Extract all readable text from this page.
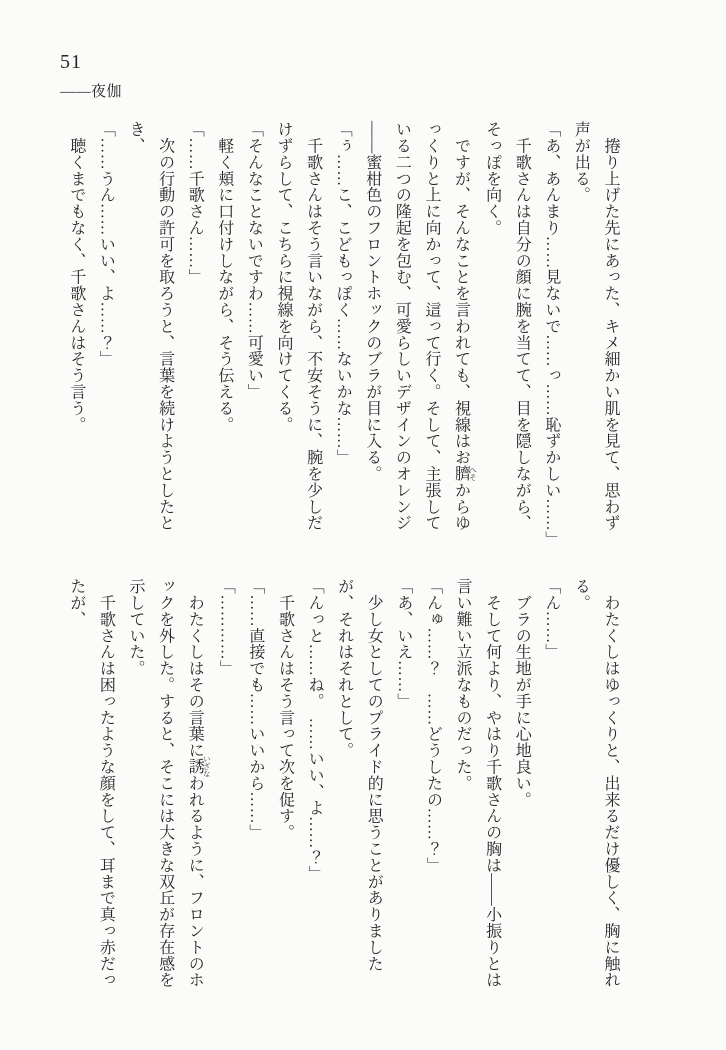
51
――夜伽
　捲り上げた先にあった、キメ細かい肌を見て、思わず
声が出る。
「あ、あんまり……見ないで……っ……恥ずかしい……」
　千歌さんは自分の顔に腕を当てて、目を隠しながら、
そっぽを向く。
　ですが、そんなことを言われても、視線はお臍 へそからゆ
っくりと上に向かって、這って行く。そして、主張して
いる二つの隆起を包む、可愛らしいデザインのオレンジ
――蜜柑色のフロントホックのブラが目に入る。
「ぅ……こ、こどもっぽく……ないかな……」
　千歌さんはそう言いながら、不安そうに、腕を少しだ
けずらして、こちらに視線を向けてくる。
「そんなことないですわ……可愛い」
　軽く頬に口付けしながら、そう伝える。
「……千歌さん……」
　次の行動の許可を取ろうと、言葉を続けようとしたと
き、
「……うん……いい、よ……？」
　聴くまでもなく、千歌さんはそう言う。
　わたくしはゆっくりと、出来るだけ優しく、胸に触れ
る。
「ん……」
　ブラの生地が手に心地良い。
　そして何より、やはり千歌さんの胸は――小振りとは
言い難い立派なものだった。
「んゅ……？　……どうしたの……？」
「あ、いえ……」
　少し女としてのプライド的に思うことがありました
が、それはそれとして。
「んっと……ね。　……いい、よ……？」
　千歌さんはそう言って次を促す。
「……直接でも……いいから……」
「…………」
　わたくしはその言葉に誘 いざなわれるように、フロントのホ
ックを外した。すると、そこには大きな双丘が存在感を
示していた。
　千歌さんは困ったような顔をして、耳まで真っ赤だっ
たが、
